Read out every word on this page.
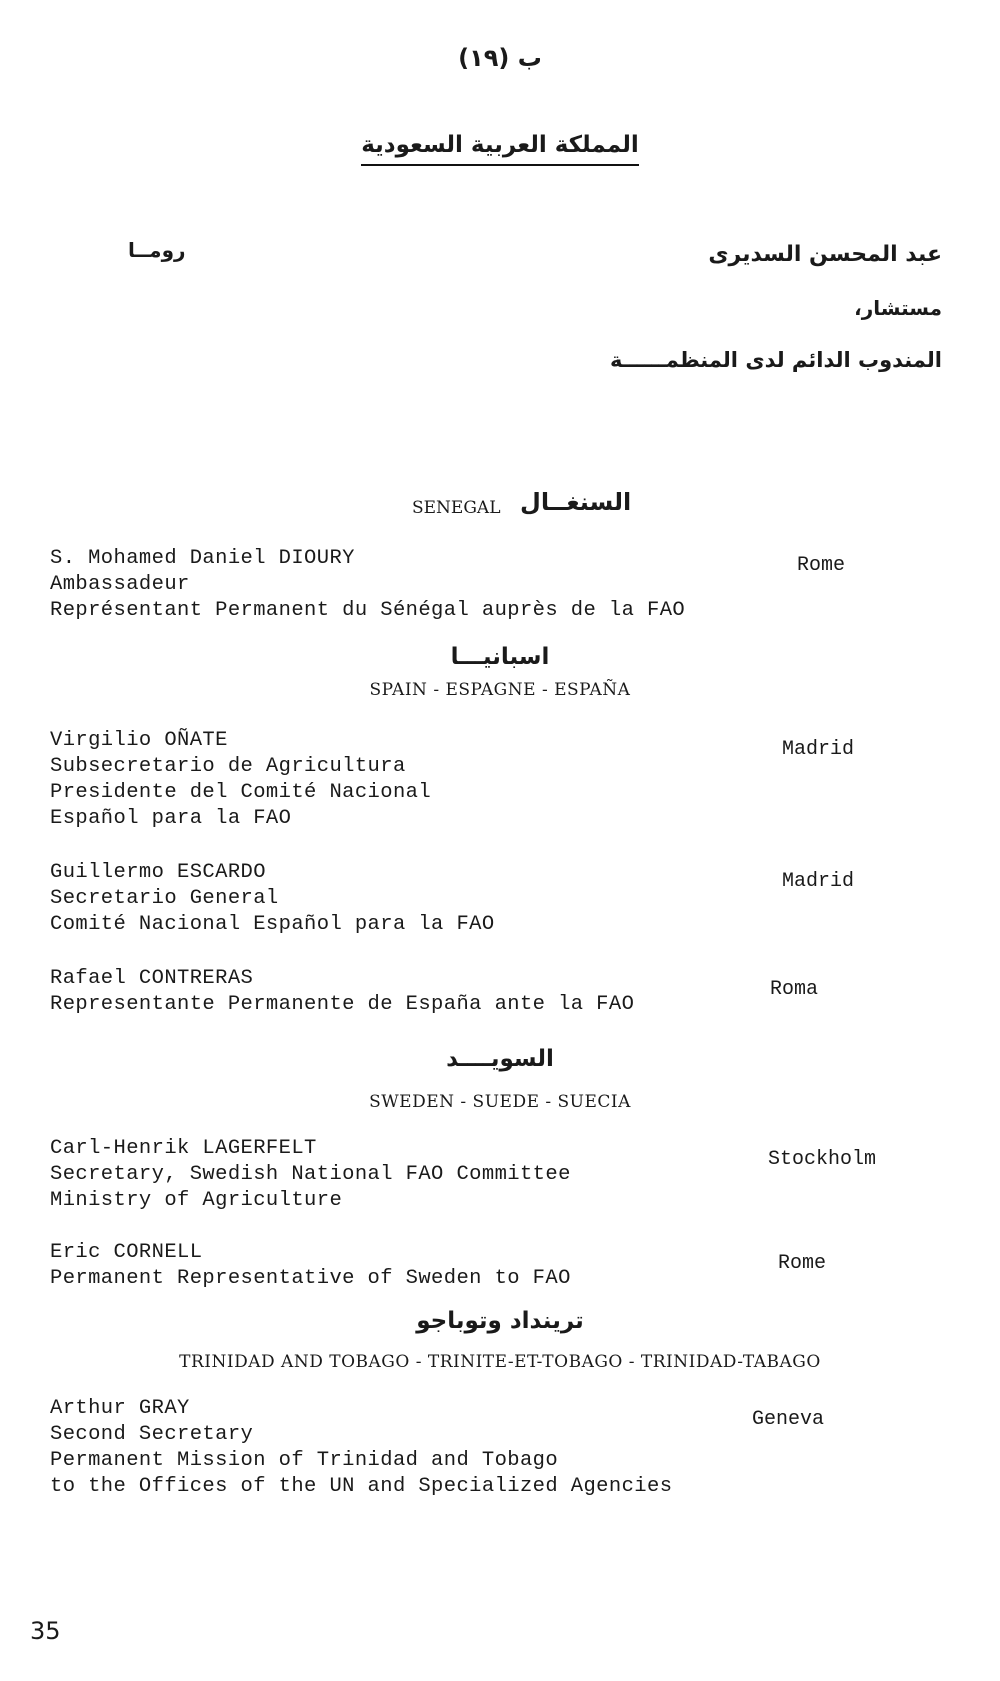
ب (١٩)
المملكة العربية السعودية
عبد المحسن السديرى
رومــا
مستشار،
المندوب الدائم لدى المنظمــــــة
SENEGAL السنغــال
S. Mohamed Daniel DIOURY
Ambassadeur
Représentant Permanent du Sénégal auprès de la FAO
Rome
اسبانيـــا
SPAIN - ESPAGNE - ESPAÑA
Virgilio OÑATE
Subsecretario de Agricultura
Presidente del Comité Nacional
Español para la FAO
Madrid
Guillermo ESCARDO
Secretario General
Comité Nacional Español para la FAO
Madrid
Rafael CONTRERAS
Representante Permanente de España ante la FAO
Roma
السويــــد
SWEDEN - SUEDE - SUECIA
Carl-Henrik LAGERFELT
Secretary, Swedish National FAO Committee
Ministry of Agriculture
Stockholm
Eric CORNELL
Permanent Representative of Sweden to FAO
Rome
ترينداد وتوباجو
TRINIDAD AND TOBAGO - TRINITE-ET-TOBAGO - TRINIDAD-TABAGO
Arthur GRAY
Second Secretary
Permanent Mission of Trinidad and Tobago
to the Offices of the UN and Specialized Agencies
Geneva
35
